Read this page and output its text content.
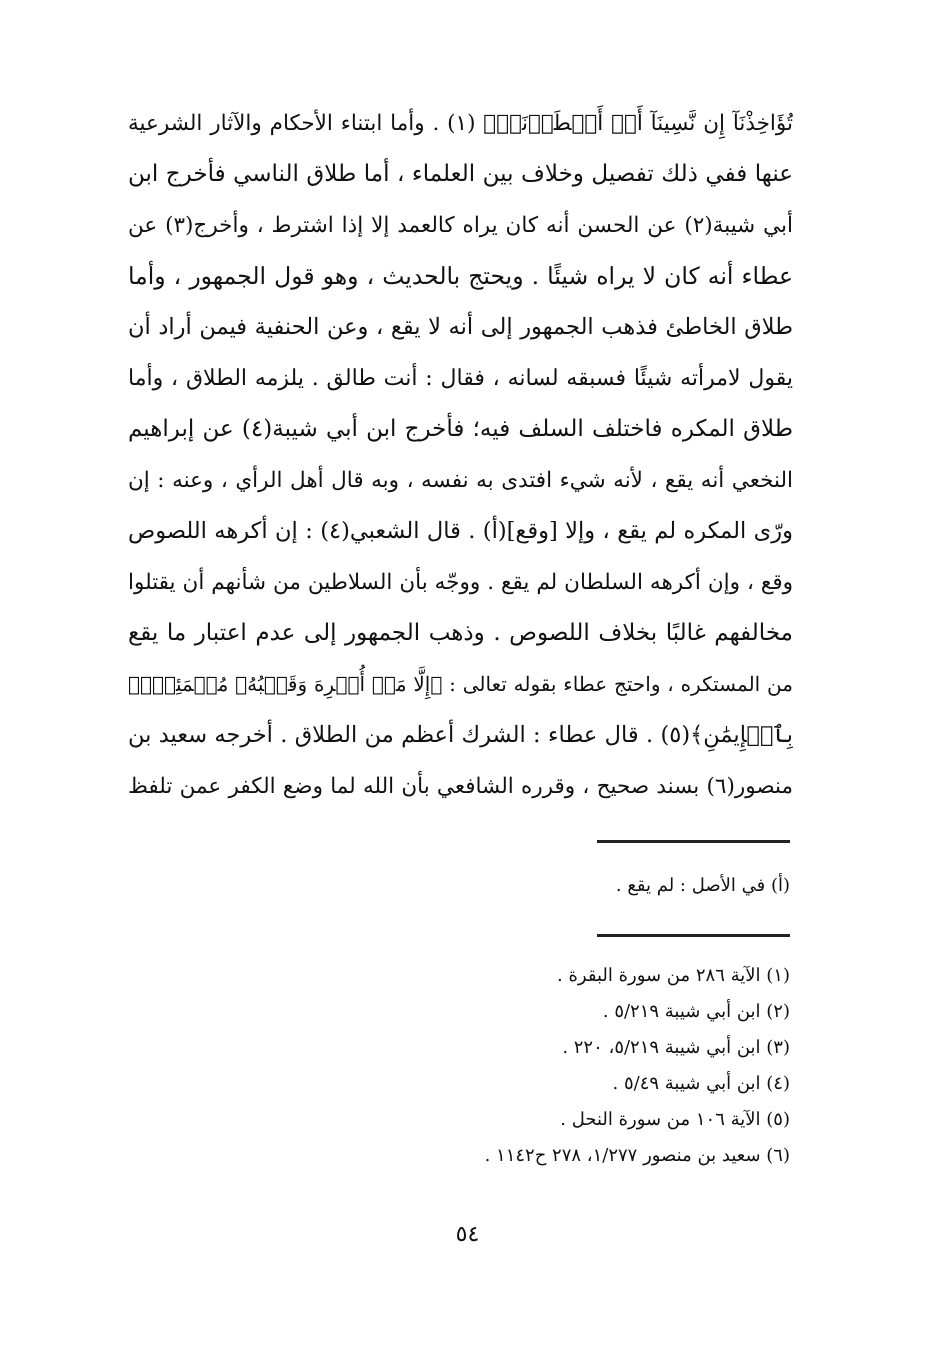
تُؤَاخِذْنَآ إِن نَّسِينَآ أَوۡ أَخۡطَأۡنَاۚ﴾ (١) . وأما ابتناء الأحكام والآثار الشرعية
عنها ففي ذلك تفصيل وخلاف بين العلماء ، أما طلاق الناسي فأخرج ابن
أبي شيبة(٢) عن الحسن أنه كان يراه كالعمد إلا إذا اشترط ، وأخرج(٣) عن
عطاء أنه كان لا يراه شيئًا . ويحتج بالحديث ، وهو قول الجمهور ، وأما
طلاق الخاطئ فذهب الجمهور إلى أنه لا يقع ، وعن الحنفية فيمن أراد أن
يقول لامرأته شيئًا فسبقه لسانه ، فقال : أنت طالق . يلزمه الطلاق ، وأما
طلاق المكره فاختلف السلف فيه؛ فأخرج ابن أبي شيبة(٤) عن إبراهيم
النخعي أنه يقع ، لأنه شيء افتدى به نفسه ، وبه قال أهل الرأي ، وعنه : إن
ورّى المكره لم يقع ، وإلا [وقع](أ) . قال الشعبي(٤) : إن أكرهه اللصوص
وقع ، وإن أكرهه السلطان لم يقع . ووجّه بأن السلاطين من شأنهم أن يقتلوا
مخالفهم غالبًا بخلاف اللصوص . وذهب الجمهور إلى عدم اعتبار ما يقع
من المستكره ، واحتج عطاء بقوله تعالى : ﴿إِلَّا مَنۡ أُكۡرِهَ وَقَلۡبُهُۥ مُطۡمَئِنُّۢ
بِٱلۡإِيمَٰنِ﴾(٥) . قال عطاء : الشرك أعظم من الطلاق . أخرجه سعيد بن
منصور(٦) بسند صحيح ، وقرره الشافعي بأن الله لما وضع الكفر عمن تلفظ
(أ) في الأصل : لم يقع .
(١) الآية ٢٨٦ من سورة البقرة .
(٢) ابن أبي شيبة ٥/٢١٩ .
(٣) ابن أبي شيبة ٥/٢١٩، ٢٢٠ .
(٤) ابن أبي شيبة ٥/٤٩ .
(٥) الآية ١٠٦ من سورة النحل .
(٦) سعيد بن منصور ١/٢٧٧، ٢٧٨ ح١١٤٢ .
٥٤
